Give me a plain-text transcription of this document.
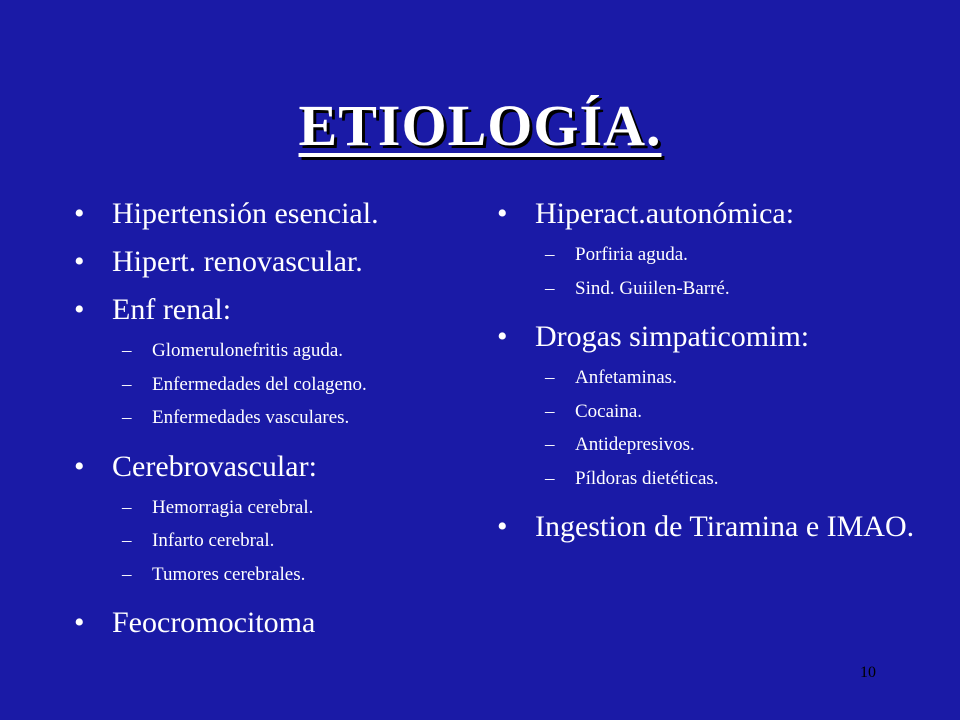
ETIOLOGÍA.
• Hipertensión esencial.
• Hipert. renovascular.
• Enf renal:
– Glomerulonefritis aguda.
– Enfermedades del colageno.
– Enfermedades vasculares.
• Cerebrovascular:
– Hemorragia cerebral.
– Infarto cerebral.
– Tumores cerebrales.
• Feocromocitoma
• Hiperact.autonómica:
– Porfiria aguda.
– Sind. Guiilen-Barré.
• Drogas simpaticomim:
– Anfetaminas.
– Cocaina.
– Antidepresivos.
– Píldoras dietéticas.
• Ingestion de Tiramina e IMAO.
10
